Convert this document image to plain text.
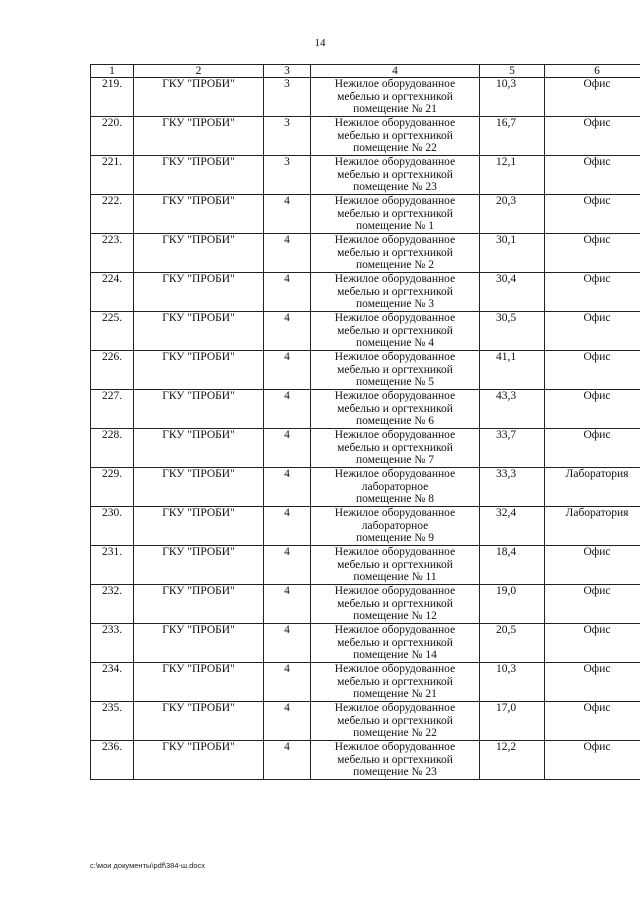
14
1	2	3	4	5	6
219.	ГКУ "ПРОБИ"	3	Нежилое оборудованное
мебелью и оргтехникой
помещение № 21	10,3	Офис
220.	ГКУ "ПРОБИ"	3	Нежилое оборудованное
мебелью и оргтехникой
помещение № 22	16,7	Офис
221.	ГКУ "ПРОБИ"	3	Нежилое оборудованное
мебелью и оргтехникой
помещение № 23	12,1	Офис
222.	ГКУ "ПРОБИ"	4	Нежилое оборудованное
мебелью и оргтехникой
помещение № 1	20,3	Офис
223.	ГКУ "ПРОБИ"	4	Нежилое оборудованное
мебелью и оргтехникой
помещение № 2	30,1	Офис
224.	ГКУ "ПРОБИ"	4	Нежилое оборудованное
мебелью и оргтехникой
помещение № 3	30,4	Офис
225.	ГКУ "ПРОБИ"	4	Нежилое оборудованное
мебелью и оргтехникой
помещение № 4	30,5	Офис
226.	ГКУ "ПРОБИ"	4	Нежилое оборудованное
мебелью и оргтехникой
помещение № 5	41,1	Офис
227.	ГКУ "ПРОБИ"	4	Нежилое оборудованное
мебелью и оргтехникой
помещение № 6	43,3	Офис
228.	ГКУ "ПРОБИ"	4	Нежилое оборудованное
мебелью и оргтехникой
помещение № 7	33,7	Офис
229.	ГКУ "ПРОБИ"	4	Нежилое оборудованное
лабораторное
помещение № 8	33,3	Лаборатория
230.	ГКУ "ПРОБИ"	4	Нежилое оборудованное
лабораторное
помещение № 9	32,4	Лаборатория
231.	ГКУ "ПРОБИ"	4	Нежилое оборудованное
мебелью и оргтехникой
помещение № 11	18,4	Офис
232.	ГКУ "ПРОБИ"	4	Нежилое оборудованное
мебелью и оргтехникой
помещение № 12	19,0	Офис
233.	ГКУ "ПРОБИ"	4	Нежилое оборудованное
мебелью и оргтехникой
помещение № 14	20,5	Офис
234.	ГКУ "ПРОБИ"	4	Нежилое оборудованное
мебелью и оргтехникой
помещение № 21	10,3	Офис
235.	ГКУ "ПРОБИ"	4	Нежилое оборудованное
мебелью и оргтехникой
помещение № 22	17,0	Офис
236.	ГКУ "ПРОБИ"	4	Нежилое оборудованное
мебелью и оргтехникой
помещение № 23	12,2	Офис
c:\мои документы\pdf\384-ш.docx
